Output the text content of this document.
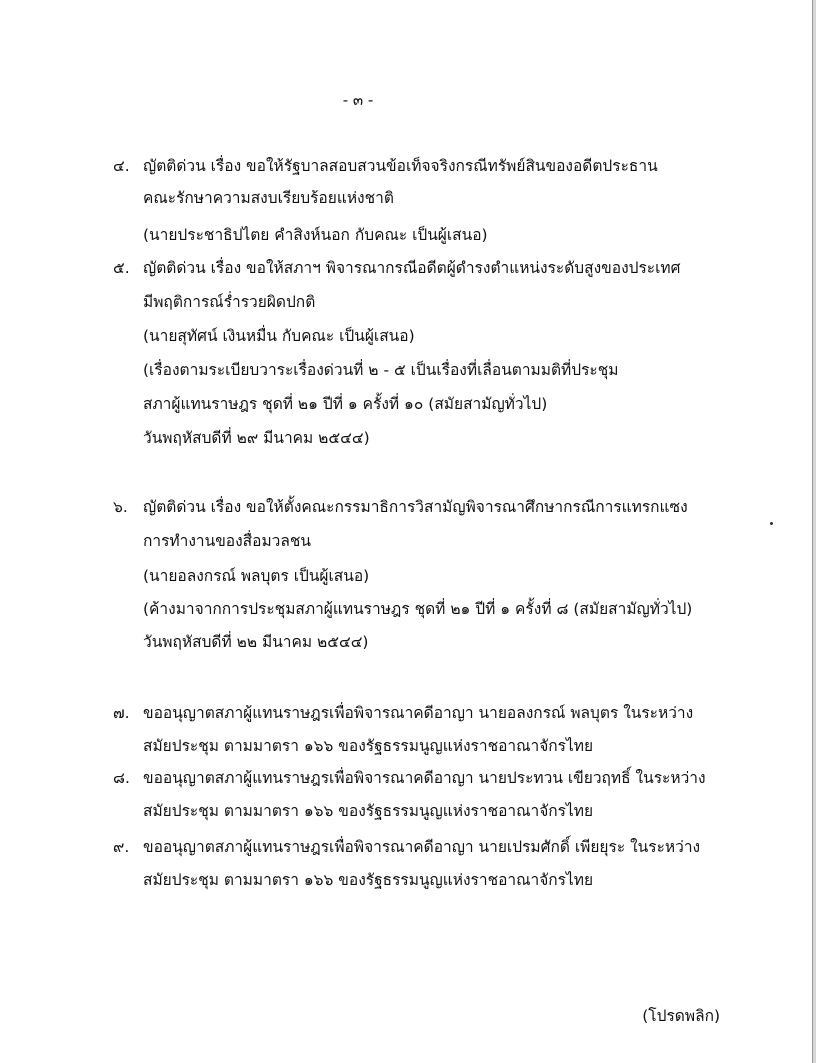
- ๓ -
๔. ญัตติด่วน เรื่อง ขอให้รัฐบาลสอบสวนข้อเท็จจริงกรณีทรัพย์สินของอดีตประธาน
คณะรักษาความสงบเรียบร้อยแห่งชาติ
(นายประชาธิปไตย คำสิงห์นอก กับคณะ เป็นผู้เสนอ)
๕. ญัตติด่วน เรื่อง ขอให้สภาฯ พิจารณากรณีอดีตผู้ดำรงตำแหน่งระดับสูงของประเทศ
มีพฤติการณ์ร่ำรวยผิดปกติ
(นายสุทัศน์ เงินหมื่น กับคณะ เป็นผู้เสนอ)
(เรื่องตามระเบียบวาระเรื่องด่วนที่ ๒ - ๕ เป็นเรื่องที่เลื่อนตามมติที่ประชุม
สภาผู้แทนราษฎร ชุดที่ ๒๑ ปีที่ ๑ ครั้งที่ ๑๐ (สมัยสามัญทั่วไป)
วันพฤหัสบดีที่ ๒๙ มีนาคม ๒๕๔๔)
๖. ญัตติด่วน เรื่อง ขอให้ตั้งคณะกรรมาธิการวิสามัญพิจารณาศึกษากรณีการแทรกแซง
การทำงานของสื่อมวลชน
(นายอลงกรณ์ พลบุตร เป็นผู้เสนอ)
(ค้างมาจากการประชุมสภาผู้แทนราษฎร ชุดที่ ๒๑ ปีที่ ๑ ครั้งที่ ๘ (สมัยสามัญทั่วไป)
วันพฤหัสบดีที่ ๒๒ มีนาคม ๒๕๔๔)
๗. ขออนุญาตสภาผู้แทนราษฎรเพื่อพิจารณาคดีอาญา นายอลงกรณ์ พลบุตร ในระหว่าง
สมัยประชุม ตามมาตรา ๑๖๖ ของรัฐธรรมนูญแห่งราชอาณาจักรไทย
๘. ขออนุญาตสภาผู้แทนราษฎรเพื่อพิจารณาคดีอาญา นายประทวน เขียวฤทธิ์ ในระหว่าง
สมัยประชุม ตามมาตรา ๑๖๖ ของรัฐธรรมนูญแห่งราชอาณาจักรไทย
๙. ขออนุญาตสภาผู้แทนราษฎรเพื่อพิจารณาคดีอาญา นายเปรมศักดิ์ เพียยุระ ในระหว่าง
สมัยประชุม ตามมาตรา ๑๖๖ ของรัฐธรรมนูญแห่งราชอาณาจักรไทย
(โปรดพลิก)
